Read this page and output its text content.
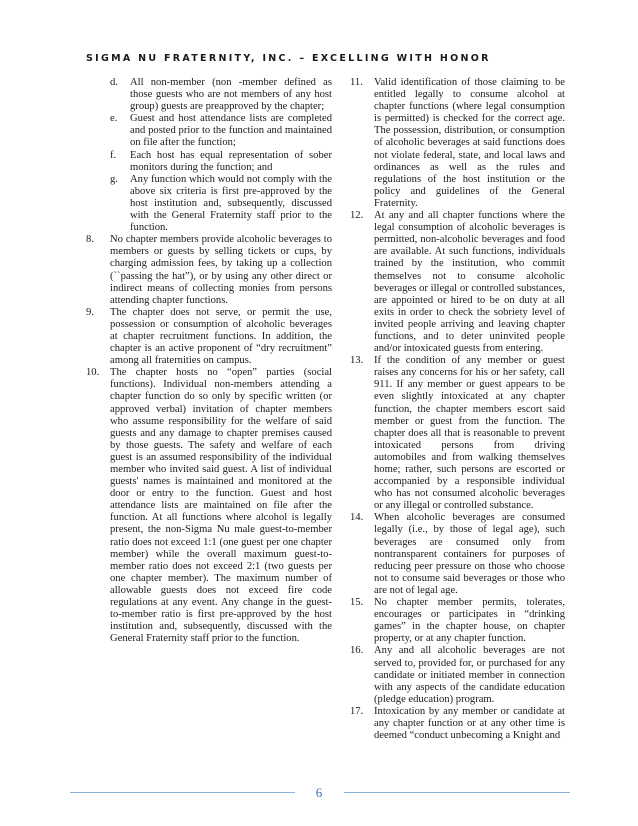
SIGMA NU FRATERNITY, INC. – EXCELLING WITH HONOR
d. All non-member (non -member defined as those guests who are not members of any host group) guests are preapproved by the chapter;
e. Guest and host attendance lists are completed and posted prior to the function and maintained on file after the function;
f. Each host has equal representation of sober monitors during the function; and
g. Any function which would not comply with the above six criteria is first pre-approved by the host institution and, subsequently, discussed with the General Fraternity staff prior to the function.
8. No chapter members provide alcoholic beverages to members or guests by selling tickets or cups, by charging admission fees, by taking up a collection (``passing the hat”), or by using any other direct or indirect means of collecting monies from persons attending chapter functions.
9. The chapter does not serve, or permit the use, possession or consumption of alcoholic beverages at chapter recruitment functions. In addition, the chapter is an active proponent of “dry recruitment” among all fraternities on campus.
10. The chapter hosts no “open” parties (social functions). Individual non-members attending a chapter function do so only by specific written (or approved verbal) invitation of chapter members who assume responsibility for the welfare of said guests and any damage to chapter premises caused by those guests. The safety and welfare of each guest is an assumed responsibility of the individual member who invited said guest. A list of individual guests' names is maintained and monitored at the door or entry to the function. Guest and host attendance lists are maintained on file after the function. At all functions where alcohol is legally present, the non-Sigma Nu male guest-to-member ratio does not exceed 1:1 (one guest per one chapter member) while the overall maximum guest-to-member ratio does not exceed 2:1 (two guests per one chapter member). The maximum number of allowable guests does not exceed fire code regulations at any event. Any change in the guest-to-member ratio is first pre-approved by the host institution and, subsequently, discussed with the General Fraternity staff prior to the function.
11. Valid identification of those claiming to be entitled legally to consume alcohol at chapter functions (where legal consumption is permitted) is checked for the correct age. The possession, distribution, or consumption of alcoholic beverages at said functions does not violate federal, state, and local laws and ordinances as well as the rules and regulations of the host institution or the policy and guidelines of the General Fraternity.
12. At any and all chapter functions where the legal consumption of alcoholic beverages is permitted, non-alcoholic beverages and food are available. At such functions, individuals trained by the institution, who commit themselves not to consume alcoholic beverages or illegal or controlled substances, are appointed or hired to be on duty at all exits in order to check the sobriety level of invited people arriving and leaving chapter functions, and to deter uninvited people and/or intoxicated guests from entering.
13. If the condition of any member or guest raises any concerns for his or her safety, call 911. If any member or guest appears to be even slightly intoxicated at any chapter function, the chapter members escort said member or guest from the function. The chapter does all that is reasonable to prevent intoxicated persons from driving automobiles and from walking themselves home; rather, such persons are escorted or accompanied by a responsible individual who has not consumed alcoholic beverages or any illegal or controlled substance.
14. When alcoholic beverages are consumed legally (i.e., by those of legal age), such beverages are consumed only from nontransparent containers for purposes of reducing peer pressure on those who choose not to consume said beverages or those who are not of legal age.
15. No chapter member permits, tolerates, encourages or participates in “drinking games” in the chapter house, on chapter property, or at any chapter function.
16. Any and all alcoholic beverages are not served to, provided for, or purchased for any candidate or initiated member in connection with any aspects of the candidate education (pledge education) program.
17. Intoxication by any member or candidate at any chapter function or at any other time is deemed “conduct unbecoming a Knight and
6
